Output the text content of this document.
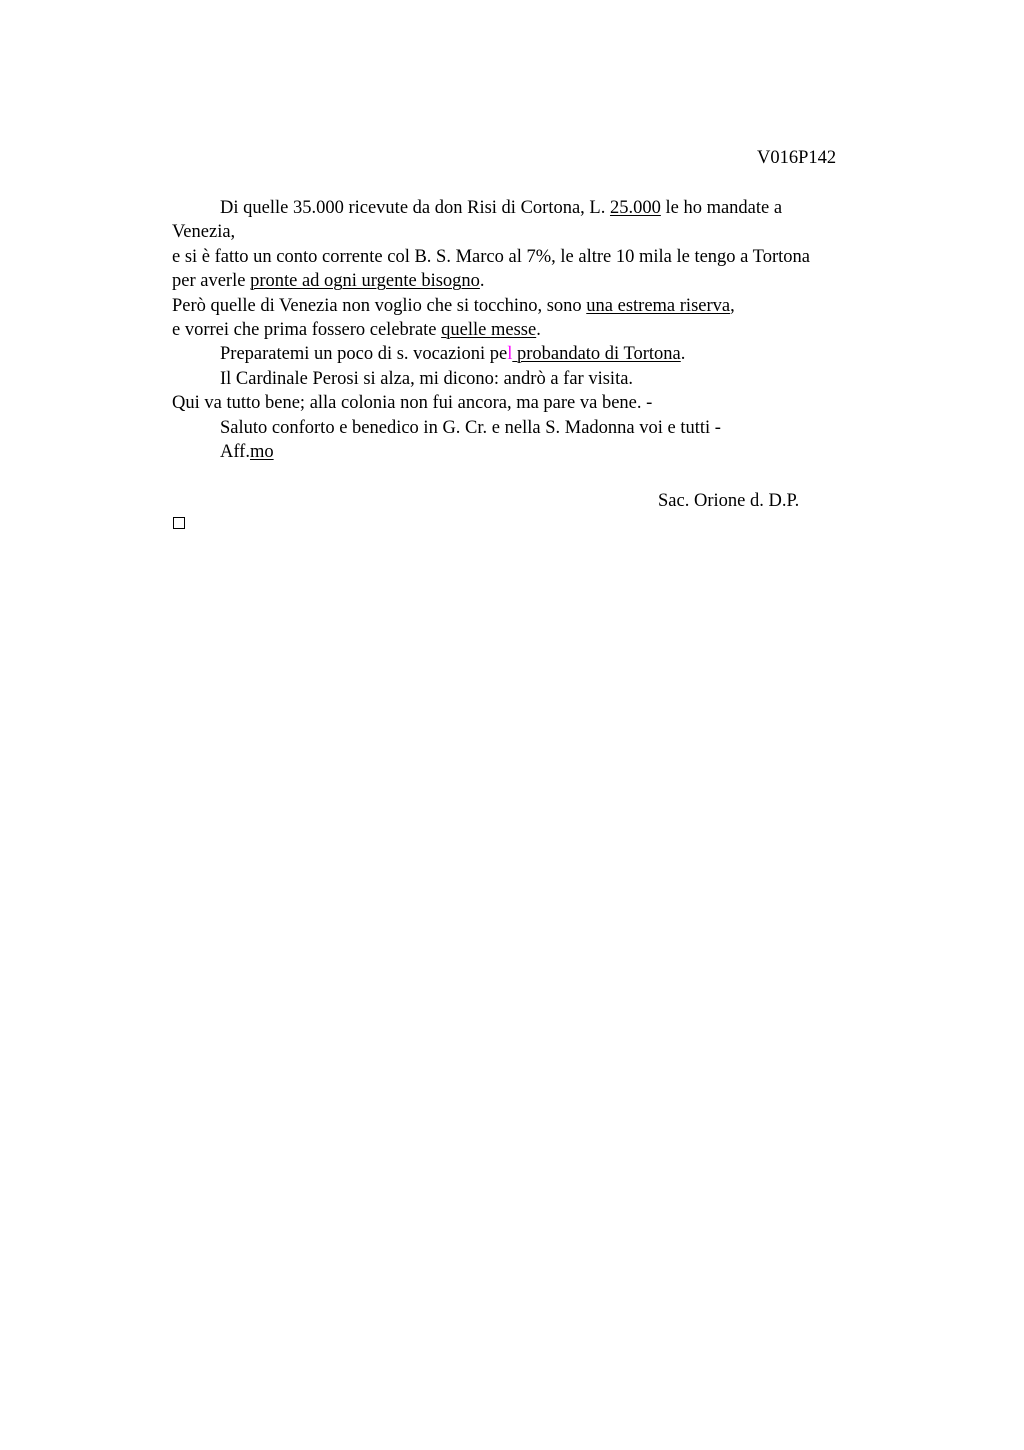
V016P142
Di quelle 35.000 ricevute da don Risi di Cortona, L. 25.000 le ho mandate a
Venezia,
e si è fatto un conto corrente col B. S. Marco al 7%, le altre 10 mila le tengo a Tortona
per averle pronte ad ogni urgente bisogno.
Però quelle di Venezia non voglio che si tocchino, sono una estrema riserva,
e vorrei che prima fossero celebrate quelle messe.
Preparatemi un poco di s. vocazioni pel probandato di Tortona.
Il Cardinale Perosi si alza, mi dicono: andrò a far visita.
Qui va tutto bene; alla colonia non fui ancora, ma pare va bene. -
Saluto conforto e benedico in G. Cr. e nella S. Madonna voi e tutti -
Aff.mo
Sac. Orione d. D.P.
